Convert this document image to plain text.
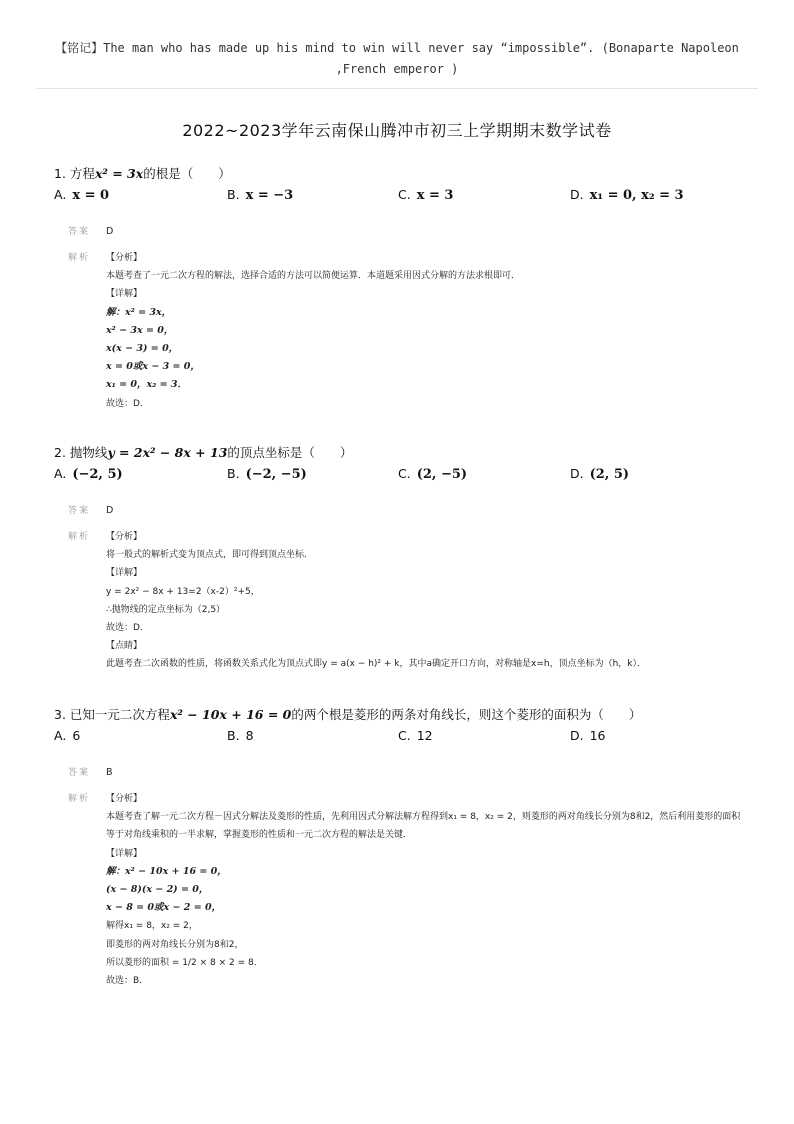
【铭记】The man who has made up his mind to win will never say “impossible”. (Bonaparte Napoleon ,French emperor )
2022~2023学年云南保山腾冲市初三上学期期末数学试卷
1. 方程x² = 3x的根是（　　）
A. x = 0	B. x = −3	C. x = 3	D. x₁ = 0, x₂ = 3
答案 D
解析 【分析】
本题考查了一元二次方程的解法，选择合适的方法可以简便运算．本道题采用因式分解的方法求根即可．
【详解】
解：x² = 3x，
x² − 3x = 0，
x(x − 3) = 0，
x = 0或x − 3 = 0，
x₁ = 0，x₂ = 3．
故选：D．
2. 抛物线y = 2x² − 8x + 13的顶点坐标是（　　）
A. (−2, 5)	B. (−2, −5)	C. (2, −5)	D. (2, 5)
答案 D
解析 【分析】
将一般式的解析式变为顶点式，即可得到顶点坐标．
【详解】
y = 2x² − 8x + 13=2（x-2）²+5，
∴抛物线的定点坐标为（2,5）
故选：D．
【点睛】
此题考查二次函数的性质，将函数关系式化为顶点式即y = a(x − h)² + k，其中a确定开口方向，对称轴是x=h，顶点坐标为（h，k）．
3. 已知一元二次方程x² − 10x + 16 = 0的两个根是菱形的两条对角线长，则这个菱形的面积为（　　）
A. 6	B. 8	C. 12	D. 16
答案 B
解析 【分析】
本题考查了解一元二次方程－因式分解法及菱形的性质，先利用因式分解法解方程得到x₁ = 8，x₂ = 2，则菱形的两对角线长分别为8和2，然后利用菱形的面积等于对角线乘积的一半求解，掌握菱形的性质和一元二次方程的解法是关键．
【详解】
解：x² − 10x + 16 = 0，
(x − 8)(x − 2) = 0，
x − 8 = 0或x − 2 = 0，
解得x₁ = 8，x₂ = 2，
即菱形的两对角线长分别为8和2，
所以菱形的面积 = 1/2 × 8 × 2 = 8．
故选：B．
